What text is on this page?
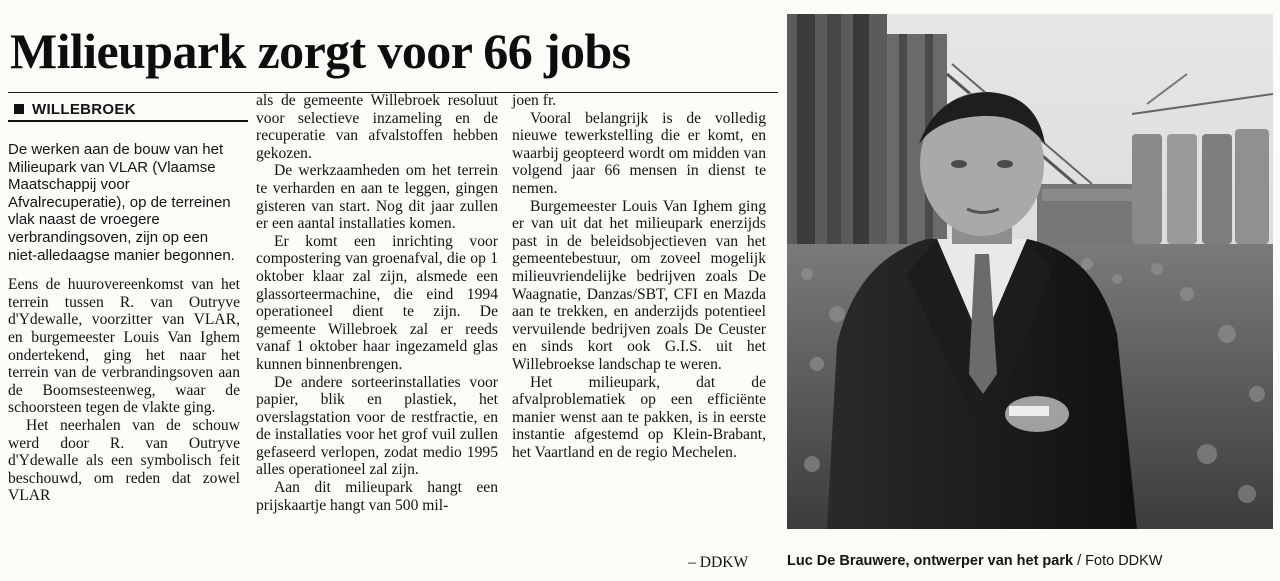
Milieupark zorgt voor 66 jobs
WILLEBROEK

De werken aan de bouw van het Milieupark van VLAR (Vlaamse Maatschappij voor Afvalrecuperatie), op de terreinen vlak naast de vroegere verbrandingsoven, zijn op een niet-alledaagse manier begonnen.

Eens de huurovereenkomst van het terrein tussen R. van Outryve d'Ydewalle, voorzitter van VLAR, en burgemeester Louis Van Ighem ondertekend, ging het naar het terrein van de verbrandingsoven aan de Boomsesteenweg, waar de schoorsteen tegen de vlakte ging.

Het neerhalen van de schouw werd door R. van Outryve d'Ydewalle als een symbolisch feit beschouwd, om reden dat zowel VLAR

als de gemeente Willebroek resoluut voor selectieve inzameling en de recuperatie van afvalstoffen hebben gekozen.

De werkzaamheden om het terrein te verharden en aan te leggen, gingen gisteren van start. Nog dit jaar zullen er een aantal installaties komen.

Er komt een inrichting voor compostering van groenafval, die op 1 oktober klaar zal zijn, alsmede een glassorteermachine, die eind 1994 operationeel dient te zijn. De gemeente Willebroek zal er reeds vanaf 1 oktober haar ingezameld glas kunnen binnenbrengen.

De andere sorteerinstallaties voor papier, blik en plastiek, het overslagstation voor de restfractie, en de installaties voor het grof vuil zullen gefaseerd verlopen, zodat medio 1995 alles operationeel zal zijn.

Aan dit milieupark hangt een prijskaartje hangt van 500 mil-

joen fr.

Vooral belangrijk is de volledig nieuwe tewerkstelling die er komt, en waarbij geopteerd wordt om midden van volgend jaar 66 mensen in dienst te nemen.

Burgemeester Louis Van Ighem ging er van uit dat het milieupark enerzijds past in de beleidsobjectieven van het gemeentebestuur, om zoveel mogelijk milieuvriendelijke bedrijven zoals De Waagnatie, Danzas/SBT, CFI en Mazda aan te trekken, en anderzijds potentieel vervuilende bedrijven zoals De Ceuster en sinds kort ook G.I.S. uit het Willebroekse landschap te weren.

Het milieupark, dat de afvalproblematiek op een efficiënte manier wenst aan te pakken, is in eerste instantie afgestemd op Klein-Brabant, het Vaartland en de regio Mechelen.

– DDKW	Luc De Brauwere, ontwerper van het park / Foto DDKW
